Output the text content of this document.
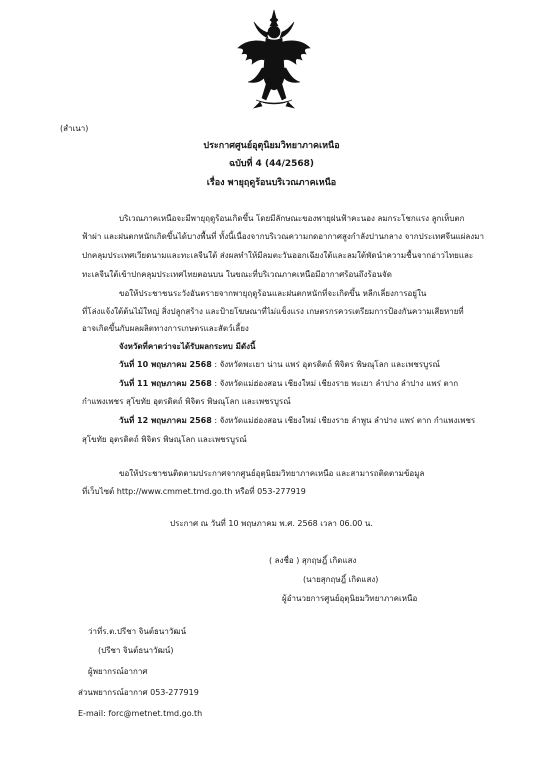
(สำเนา)
ประกาศศูนย์อุตุนิยมวิทยาภาคเหนือ
ฉบับที่ 4 (44/2568)
เรื่อง พายุฤดูร้อนบริเวณภาคเหนือ
บริเวณภาคเหนือจะมีพายุฤดูร้อนเกิดขึ้น โดยมีลักษณะของพายุฝนฟ้าคะนอง ลมกระโชกแรง ลูกเห็บตก
ฟ้าผ่า และฝนตกหนักเกิดขึ้นได้บางพื้นที่ ทั้งนี้เนื่องจากบริเวณความกดอากาศสูงกำลังปานกลาง จากประเทศจีนแผ่ลงมา
ปกคลุมประเทศเวียดนามและทะเลจีนใต้ ส่งผลทำให้มีลมตะวันออกเฉียงใต้และลมใต้พัดนำความชื้นจากอ่าวไทยและ
ทะเลจีนใต้เข้าปกคลุมประเทศไทยตอนบน ในขณะที่บริเวณภาคเหนือมีอากาศร้อนถึงร้อนจัด
ขอให้ประชาชนระวังอันตรายจากพายุฤดูร้อนและฝนตกหนักที่จะเกิดขึ้น หลีกเลี่ยงการอยู่ใน
ที่โล่งแจ้งใต้ต้นไม้ใหญ่ สิ่งปลูกสร้าง และป้ายโฆษณาที่ไม่แข็งแรง เกษตรกรควรเตรียมการป้องกันความเสียหายที่
อาจเกิดขึ้นกับผลผลิตทางการเกษตรและสัตว์เลี้ยง
จังหวัดที่คาดว่าจะได้รับผลกระทบ มีดังนี้
วันที่ 10 พฤษภาคม 2568 : จังหวัดพะเยา น่าน แพร่ อุตรดิตถ์ พิจิตร พิษณุโลก และเพชรบูรณ์
วันที่ 11 พฤษภาคม 2568 : จังหวัดแม่ฮ่องสอน เชียงใหม่ เชียงราย พะเยา ลำปาง ลำปาง แพร่ ตาก
กำแพงเพชร สุโขทัย อุตรดิตถ์ พิจิตร พิษณุโลก และเพชรบูรณ์
วันที่ 12 พฤษภาคม 2568 : จังหวัดแม่ฮ่องสอน เชียงใหม่ เชียงราย ลำพูน ลำปาง แพร่ ตาก กำแพงเพชร
สุโขทัย อุตรดิตถ์ พิจิตร พิษณุโลก และเพชรบูรณ์
ขอให้ประชาชนติดตามประกาศจากศูนย์อุตุนิยมวิทยาภาคเหนือ และสามารถติดตามข้อมูล
ที่เว็บไซต์ http://www.cmmet.tmd.go.th หรือที่ 053-277919
ประกาศ ณ วันที่ 10 พฤษภาคม พ.ศ. 2568 เวลา 06.00 น.
( ลงชื่อ ) สุกฤษฎิ์ เกิดแสง
(นายสุกฤษฎิ์ เกิดแสง)
ผู้อำนวยการศูนย์อุตุนิยมวิทยาภาคเหนือ
ว่าที่ร.ต.ปรีชา จินต์ธนาวัฒน์
(ปรีชา จินต์ธนาวัฒน์)
ผู้พยากรณ์อากาศ
ส่วนพยากรณ์อากาศ 053-277919
E-mail: forc@metnet.tmd.go.th
